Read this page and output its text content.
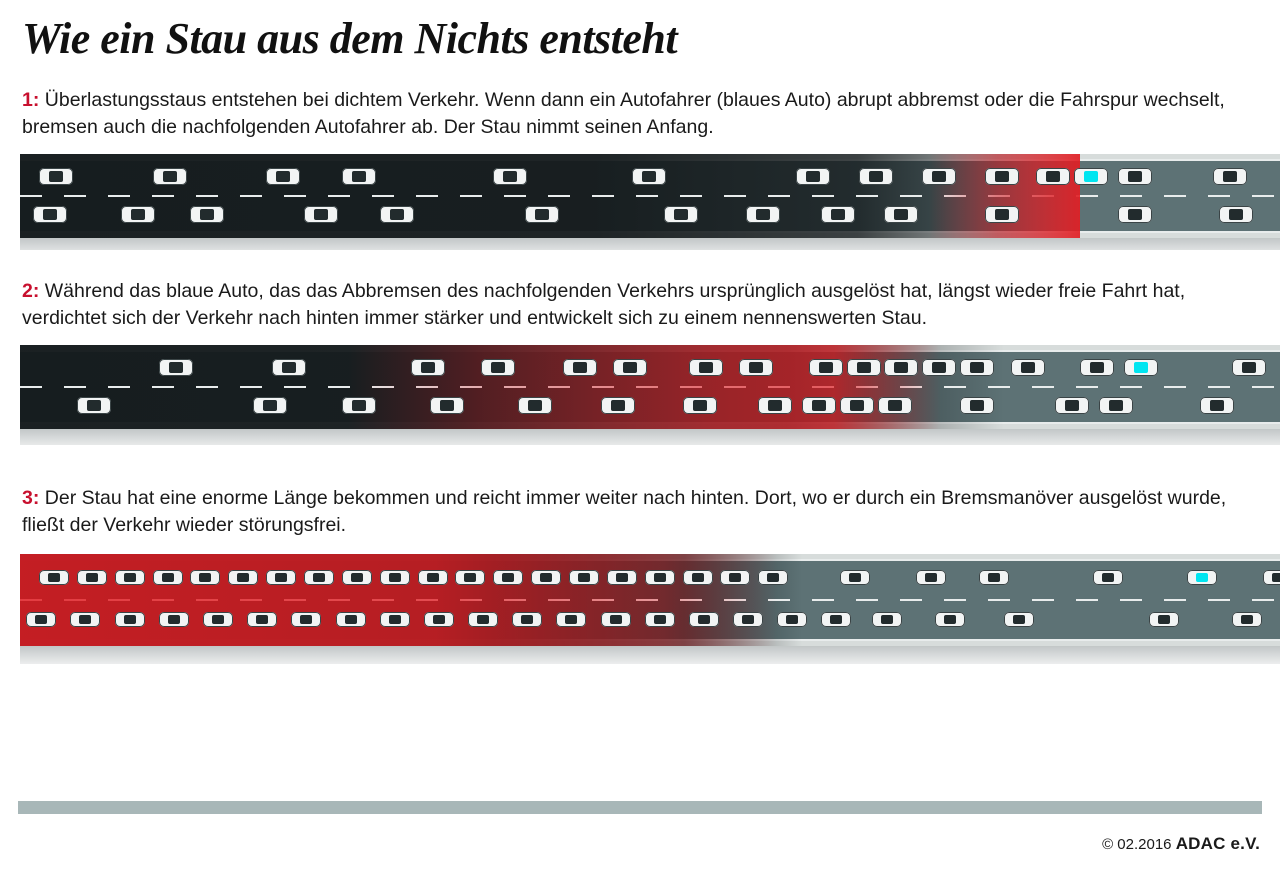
Wie ein Stau aus dem Nichts entsteht
1: Überlastungsstaus entstehen bei dichtem Verkehr. Wenn dann ein Autofahrer (blaues Auto) abrupt abbremst oder die Fahrspur wechselt, bremsen auch die nachfolgenden Autofahrer ab. Der Stau nimmt seinen Anfang.
2: Während das blaue Auto, das das Abbremsen des nachfolgenden Verkehrs ursprünglich ausgelöst hat, längst wieder freie Fahrt hat, verdichtet sich der Verkehr nach hinten immer stärker und entwickelt sich zu einem nennenswerten Stau.
3: Der Stau hat eine enorme Länge bekommen und reicht immer weiter nach hinten. Dort, wo er durch ein Bremsmanöver ausgelöst wurde, fließt der Verkehr wieder störungsfrei.
© 02.2016 ADAC e.V.
